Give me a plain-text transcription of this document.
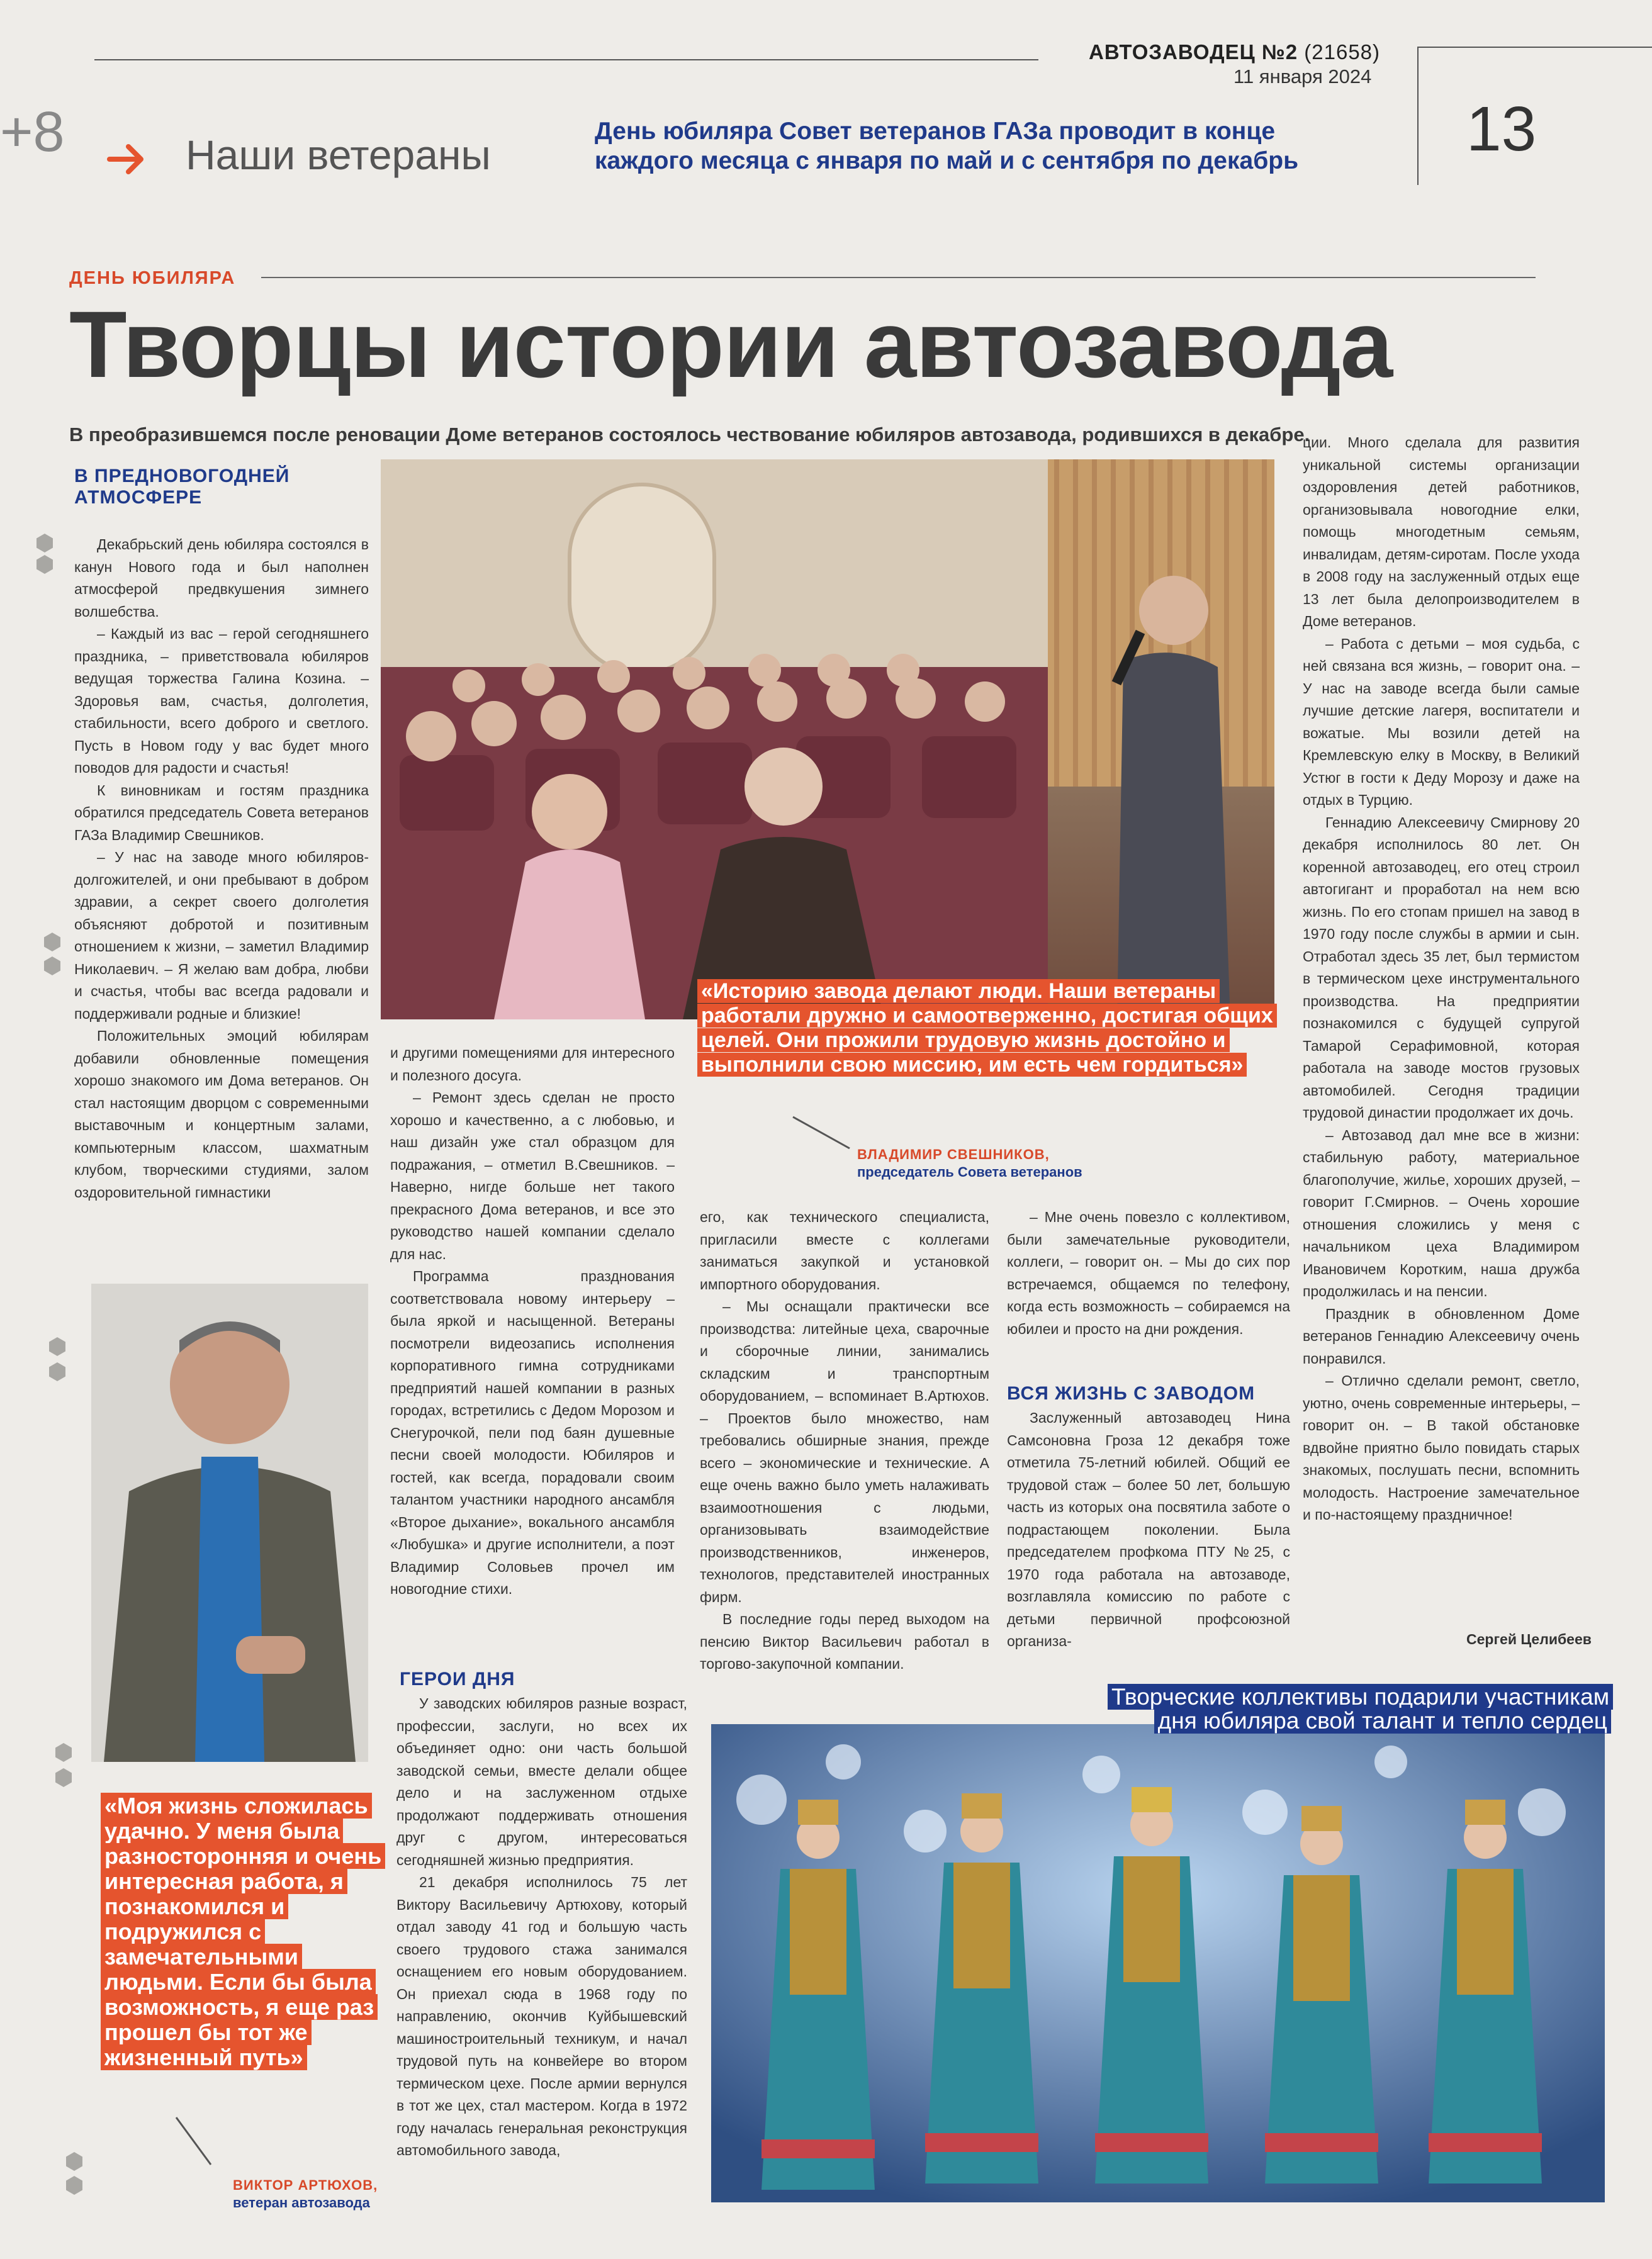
АВТОЗАВОДЕЦ №2 (21658)
11 января 2024
13
+8	Наши ветераны
День юбиляра Совет ветеранов ГАЗа проводит в конце каждого месяца с января по май и с сентября по декабрь
ДЕНЬ ЮБИЛЯРА
Творцы истории автозавода
В преобразившемся после реновации Доме ветеранов состоялось чествование юбиляров автозавода, родившихся в декабре.
В ПРЕДНОВОГОДНЕЙ АТМОСФЕРЕ

Декабрьский день юбиляра состоялся в канун Нового года и был наполнен атмосферой предвкушения зимнего волшебства.

– Каждый из вас – герой сегодняшнего праздника, – приветствовала юбиляров ведущая торжества Галина Козина. – Здоровья вам, счастья, долголетия, стабильности, всего доброго и светлого. Пусть в Новом году у вас будет много поводов для радости и счастья!

К виновникам и гостям праздника обратился председатель Совета ветеранов ГАЗа Владимир Свешников.

– У нас на заводе много юбиляров-долгожителей, и они пребывают в добром здравии, а секрет своего долголетия объясняют добротой и позитивным отношением к жизни, – заметил Владимир Николаевич. – Я желаю вам добра, любви и счастья, чтобы вас всегда радовали и поддерживали родные и близкие!

Положительных эмоций юбилярам добавили обновленные помещения хорошо знакомого им Дома ветеранов. Он стал настоящим дворцом с современными выставочным и концертным залами, компьютерным классом, шахматным клубом, творческими студиями, залом оздоровительной гимнастики

«Историю завода делают люди. Наши ветераны работали дружно и самоотверженно, достигая общих целей. Они прожили трудовую жизнь достойно и выполнили свою миссию, им есть чем гордиться»
ВЛАДИМИР СВЕШНИКОВ,
председатель Совета ветеранов

и другими помещениями для интересного и полезного досуга.

– Ремонт здесь сделан не просто хорошо и качественно, а с любовью, и наш дизайн уже стал образцом для подражания, – отметил В.Свешников. – Наверно, нигде больше нет такого прекрасного Дома ветеранов, и все это руководство нашей компании сделало для нас.

Программа празднования соответствовала новому интерьеру – была яркой и насыщенной. Ветераны посмотрели видеозапись исполнения корпоративного гимна сотрудниками предприятий нашей компании в разных городах, встретились с Дедом Морозом и Снегурочкой, пели под баян душевные песни своей молодости. Юбиляров и гостей, как всегда, порадовали своим талантом участники народного ансамбля «Второе дыхание», вокального ансамбля «Любушка» и другие исполнители, а поэт Владимир Соловьев прочел им новогодние стихи.

ГЕРОИ ДНЯ

У заводских юбиляров разные возраст, профессии, заслуги, но всех их объединяет одно: они часть большой заводской семьи, вместе делали общее дело и на заслуженном отдыхе продолжают поддерживать отношения друг с другом, интересоваться сегодняшней жизнью предприятия.

21 декабря исполнилось 75 лет Виктору Васильевичу Артюхову, который отдал заводу 41 год и большую часть своего трудового стажа занимался оснащением его новым оборудованием. Он приехал сюда в 1968 году по направлению, окончив Куйбышевский машиностроительный техникум, и начал трудовой путь на конвейере во втором термическом цехе. После армии вернулся в тот же цех, стал мастером. Когда в 1972 году началась генеральная реконструкция автомобильного завода,

«Моя жизнь сложилась удачно. У меня была разносторонняя и очень интересная работа, я познакомился и подружился с замечательными людьми. Если бы была возможность, я еще раз прошел бы тот же жизненный путь»
ВИКТОР АРТЮХОВ,
ветеран автозавода

его, как технического специалиста, пригласили вместе с коллегами заниматься закупкой и установкой импортного оборудования.

– Мы оснащали практически все производства: литейные цеха, сварочные и сборочные линии, занимались складским и транспортным оборудованием, – вспоминает В.Артюхов. – Проектов было множество, нам требовались обширные знания, прежде всего – экономические и технические. А еще очень важно было уметь налаживать взаимоотношения с людьми, организовывать взаимодействие производственников, инженеров, технологов, представителей иностранных фирм.

В последние годы перед выходом на пенсию Виктор Васильевич работал в торгово-закупочной компании.

– Мне очень повезло с коллективом, были замечательные руководители, коллеги, – говорит он. – Мы до сих пор встречаемся, общаемся по телефону, когда есть возможность – собираемся на юбилеи и просто на дни рождения.

ВСЯ ЖИЗНЬ С ЗАВОДОМ

Заслуженный автозаводец Нина Самсоновна Гроза 12 декабря тоже отметила 75-летний юбилей. Общий ее трудовой стаж – более 50 лет, большую часть из которых она посвятила заботе о подрастающем поколении. Была председателем профкома ПТУ №25, с 1970 года работала на автозаводе, возглавляла комиссию по работе с детьми первичной профсоюзной организа-

ции. Много сделала для развития уникальной системы организации оздоровления детей работников, организовывала новогодние елки, помощь многодетным семьям, инвалидам, детям-сиротам. После ухода в 2008 году на заслуженный отдых еще 13 лет была делопроизводителем в Доме ветеранов.

– Работа с детьми – моя судьба, с ней связана вся жизнь, – говорит она. – У нас на заводе всегда были самые лучшие детские лагеря, воспитатели и вожатые. Мы возили детей на Кремлевскую елку в Москву, в Великий Устюг в гости к Деду Морозу и даже на отдых в Турцию.

Геннадию Алексеевичу Смирнову 20 декабря исполнилось 80 лет. Он коренной автозаводец, его отец строил автогигант и проработал на нем всю жизнь. По его стопам пришел на завод в 1970 году после службы в армии и сын. Отработал здесь 35 лет, был термистом в термическом цехе инструментального производства. На предприятии познакомился с будущей супругой Тамарой Серафимовной, которая работала на заводе мостов грузовых автомобилей. Сегодня традиции трудовой династии продолжает их дочь.

– Автозавод дал мне все в жизни: стабильную работу, материальное благополучие, жилье, хороших друзей, – говорит Г.Смирнов. – Очень хорошие отношения сложились у меня с начальником цеха Владимиром Ивановичем Коротким, наша дружба продолжилась и на пенсии.

Праздник в обновленном Доме ветеранов Геннадию Алексеевичу очень понравился.

– Отлично сделали ремонт, светло, уютно, очень современные интерьеры, – говорит он. – В такой обстановке вдвойне приятно было повидать старых знакомых, послушать песни, вспомнить молодость. Настроение замечательное и по-настоящему праздничное!

Сергей Целибеев
Творческие коллективы подарили участникам дня юбиляра свой талант и тепло сердец
